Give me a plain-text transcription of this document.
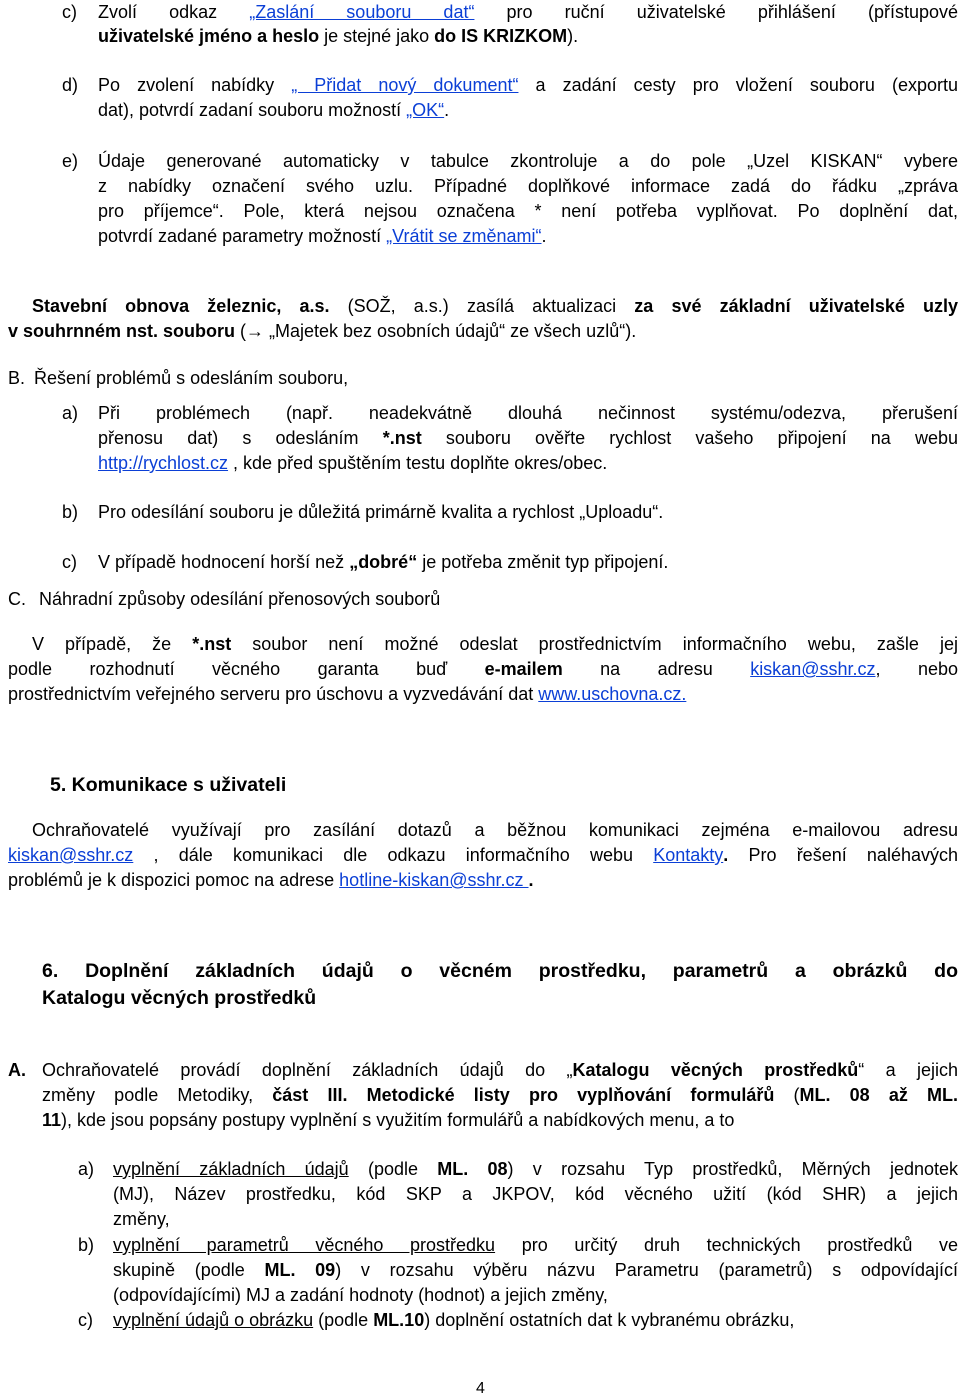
c) Zvolí odkaz „Zaslání souboru dat“ pro ruční uživatelské přihlášení (přístupové
uživatelské jméno a heslo je stejné jako do IS KRIZKOM).
d) Po zvolení nabídky „ Přidat nový dokument“ a zadání cesty pro vložení souboru (exportu
dat), potvrdí zadaní souboru možností „OK“.
e) Údaje generované automaticky v tabulce zkontroluje a do pole „Uzel KISKAN“ vybere
z nabídky označení svého uzlu. Případné doplňkové informace zadá do řádku „zpráva
pro příjemce“. Pole, která nejsou označena * není potřeba vyplňovat. Po doplnění dat,
potvrdí zadané parametry možností „Vrátit se změnami“.
Stavební obnova železnic, a.s. (SOŽ, a.s.) zasílá aktualizaci za své základní uživatelské uzly
v souhrnném nst. souboru (→ „Majetek bez osobních údajů“ ze všech uzlů“).
B. Řešení problémů s odesláním souboru,
a) Při problémech (např. neadekvátně dlouhá nečinnost systému/odezva, přerušení
přenosu dat) s odesláním *.nst souboru ověřte rychlost vašeho připojení na webu
http://rychlost.cz , kde před spuštěním testu doplňte okres/obec.
b) Pro odesílání souboru je důležitá primárně kvalita a rychlost „Uploadu“.
c) V případě hodnocení horší než „dobré“ je potřeba změnit typ připojení.
C. Náhradní způsoby odesílání přenosových souborů
V případě, že *.nst soubor není možné odeslat prostřednictvím informačního webu, zašle jej
podle rozhodnutí věcného garanta buď e-mailem na adresu kiskan@sshr.cz, nebo
prostřednictvím veřejného serveru pro úschovu a vyzvedávání dat www.uschovna.cz.
5. Komunikace s uživateli
Ochraňovatelé využívají pro zasílání dotazů a běžnou komunikaci zejména e-mailovou adresu
kiskan@sshr.cz , dále komunikaci dle odkazu informačního webu Kontakty. Pro řešení naléhavých
problémů je k dispozici pomoc na adrese hotline-kiskan@sshr.cz .
6. Doplnění základních údajů o věcném prostředku, parametrů a obrázků do
Katalogu věcných prostředků
A. Ochraňovatelé provádí doplnění základních údajů do „Katalogu věcných prostředků“ a jejich
změny podle Metodiky, část III. Metodické listy pro vyplňování formulářů (ML. 08 až ML.
11), kde jsou popsány postupy vyplnění s využitím formulářů a nabídkových menu, a to
a) vyplnění základních údajů (podle ML. 08) v rozsahu Typ prostředků, Měrných jednotek
(MJ), Název prostředku, kód SKP a JKPOV, kód věcného užití (kód SHR) a jejich
změny,
b) vyplnění parametrů věcného prostředku pro určitý druh technických prostředků ve
skupině (podle ML. 09) v rozsahu výběru názvu Parametru (parametrů) s odpovídající
(odpovídajícími) MJ a zadání hodnoty (hodnot) a jejich změny,
c) vyplnění údajů o obrázku (podle ML.10) doplnění ostatních dat k vybranému obrázku,
4
